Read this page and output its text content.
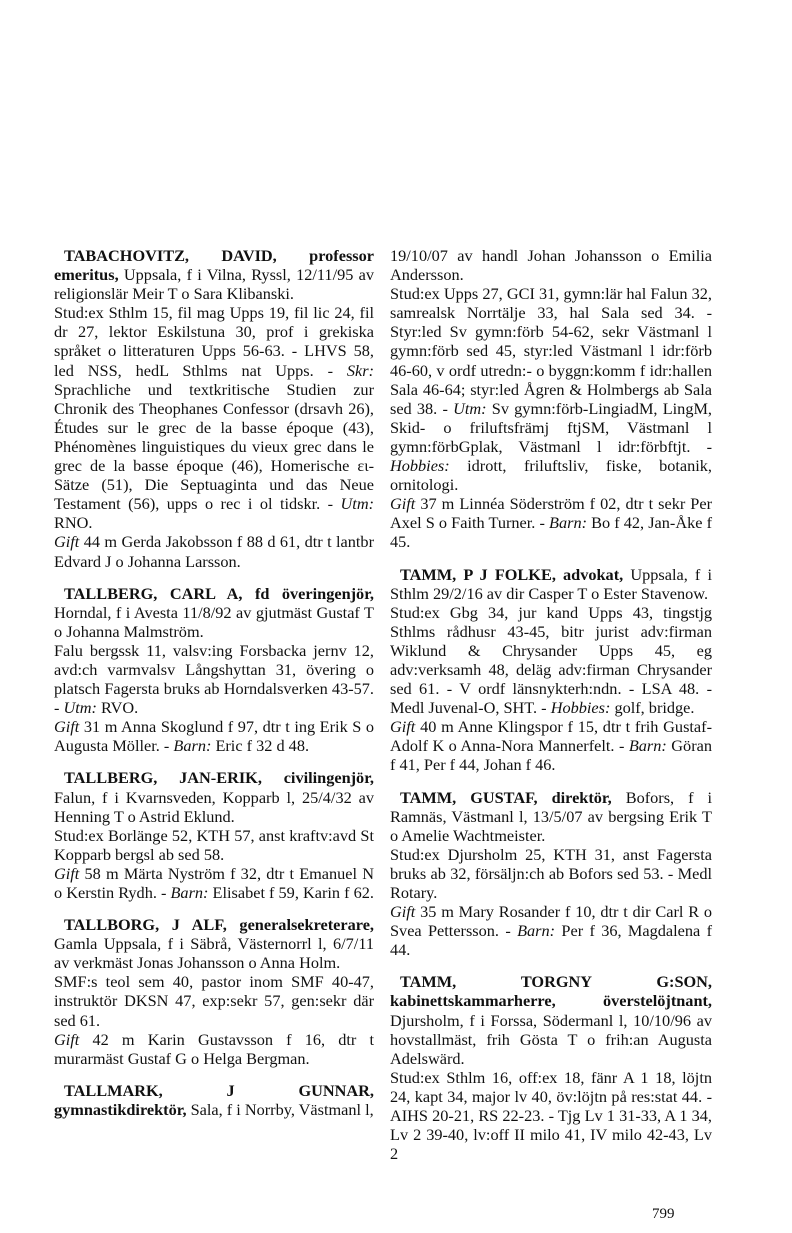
TABACHOVITZ, DAVID, professor emeritus, Uppsala, f i Vilna, Ryssl, 12/11/95 av religionslär Meir T o Sara Klibanski.

Stud:ex Sthlm 15, fil mag Upps 19, fil lic 24, fil dr 27, lektor Eskilstuna 30, prof i grekiska språket o litteraturen Upps 56-63. - LHVS 58, led NSS, hedL Sthlms nat Upps. - Skr: Sprachliche und textkritische Studien zur Chronik des Theophanes Confessor (drsavh 26), Études sur le grec de la basse époque (43), Phénomènes linguistiques du vieux grec dans le grec de la basse époque (46), Homerische ει-Sätze (51), Die Septuaginta und das Neue Testament (56), upps o rec i ol tidskr. - Utm: RNO.

Gift 44 m Gerda Jakobsson f 88 d 61, dtr t lantbr Edvard J o Johanna Larsson.

TALLBERG, CARL A, fd överingenjör, Horndal, f i Avesta 11/8/92 av gjutmäst Gustaf T o Johanna Malmström.

Falu bergssk 11, valsv:ing Forsbacka jernv 12, avd:ch varmvalsv Långshyttan 31, övering o platsch Fagersta bruks ab Horndalsverken 43-57. - Utm: RVO.

Gift 31 m Anna Skoglund f 97, dtr t ing Erik S o Augusta Möller. - Barn: Eric f 32 d 48.

TALLBERG, JAN-ERIK, civilingenjör, Falun, f i Kvarnsveden, Kopparb l, 25/4/32 av Henning T o Astrid Eklund.

Stud:ex Borlänge 52, KTH 57, anst kraftv:avd St Kopparb bergsl ab sed 58.

Gift 58 m Märta Nyström f 32, dtr t Emanuel N o Kerstin Rydh. - Barn: Elisabet f 59, Karin f 62.

TALLBORG, J ALF, generalsekreterare, Gamla Uppsala, f i Säbrå, Västernorrl l, 6/7/11 av verkmäst Jonas Johansson o Anna Holm.

SMF:s teol sem 40, pastor inom SMF 40-47, instruktör DKSN 47, exp:sekr 57, gen:sekr där sed 61.

Gift 42 m Karin Gustavsson f 16, dtr t murarmäst Gustaf G o Helga Bergman.

TALLMARK, J GUNNAR, gymnastikdirektör, Sala, f i Norrby, Västmanl l,

19/10/07 av handl Johan Johansson o Emilia Andersson.

Stud:ex Upps 27, GCI 31, gymn:lär hal Falun 32, samrealsk Norrtälje 33, hal Sala sed 34. - Styr:led Sv gymn:förb 54-62, sekr Västmanl l gymn:förb sed 45, styr:led Västmanl l idr:förb 46-60, v ordf utredn:- o byggn:komm f idr:hallen Sala 46-64; styr:led Ågren & Holmbergs ab Sala sed 38. - Utm: Sv gymn:förb-LingiadM, LingM, Skid- o friluftsfrämj ftjSM, Västmanl l gymn:förbGplak, Västmanl l idr:förbftjt. - Hobbies: idrott, friluftsliv, fiske, botanik, ornitologi.

Gift 37 m Linnéa Söderström f 02, dtr t sekr Per Axel S o Faith Turner. - Barn: Bo f 42, Jan-Åke f 45.

TAMM, P J FOLKE, advokat, Uppsala, f i Sthlm 29/2/16 av dir Casper T o Ester Stavenow.

Stud:ex Gbg 34, jur kand Upps 43, tingstjg Sthlms rådhusr 43-45, bitr jurist adv:firman Wiklund & Chrysander Upps 45, eg adv:verksamh 48, deläg adv:firman Chrysander sed 61. - V ordf länsnykterh:ndn. - LSA 48. - Medl Juvenal-O, SHT. - Hobbies: golf, bridge.

Gift 40 m Anne Klingspor f 15, dtr t frih Gustaf-Adolf K o Anna-Nora Mannerfelt. - Barn: Göran f 41, Per f 44, Johan f 46.

TAMM, GUSTAF, direktör, Bofors, f i Ramnäs, Västmanl l, 13/5/07 av bergsing Erik T o Amelie Wachtmeister.

Stud:ex Djursholm 25, KTH 31, anst Fagersta bruks ab 32, försäljn:ch ab Bofors sed 53. - Medl Rotary.

Gift 35 m Mary Rosander f 10, dtr t dir Carl R o Svea Pettersson. - Barn: Per f 36, Magdalena f 44.

TAMM, TORGNY G:SON, kabinettskammarherre, överstelöjtnant, Djursholm, f i Forssa, Södermanl l, 10/10/96 av hovstallmäst, frih Gösta T o frih:an Augusta Adelswärd.

Stud:ex Sthlm 16, off:ex 18, fänr A 1 18, löjtn 24, kapt 34, major lv 40, öv:löjtn på res:stat 44. - AIHS 20-21, RS 22-23. - Tjg Lv 1 31-33, A 1 34, Lv 2 39-40, lv:off II milo 41, IV milo 42-43, Lv 2

799
